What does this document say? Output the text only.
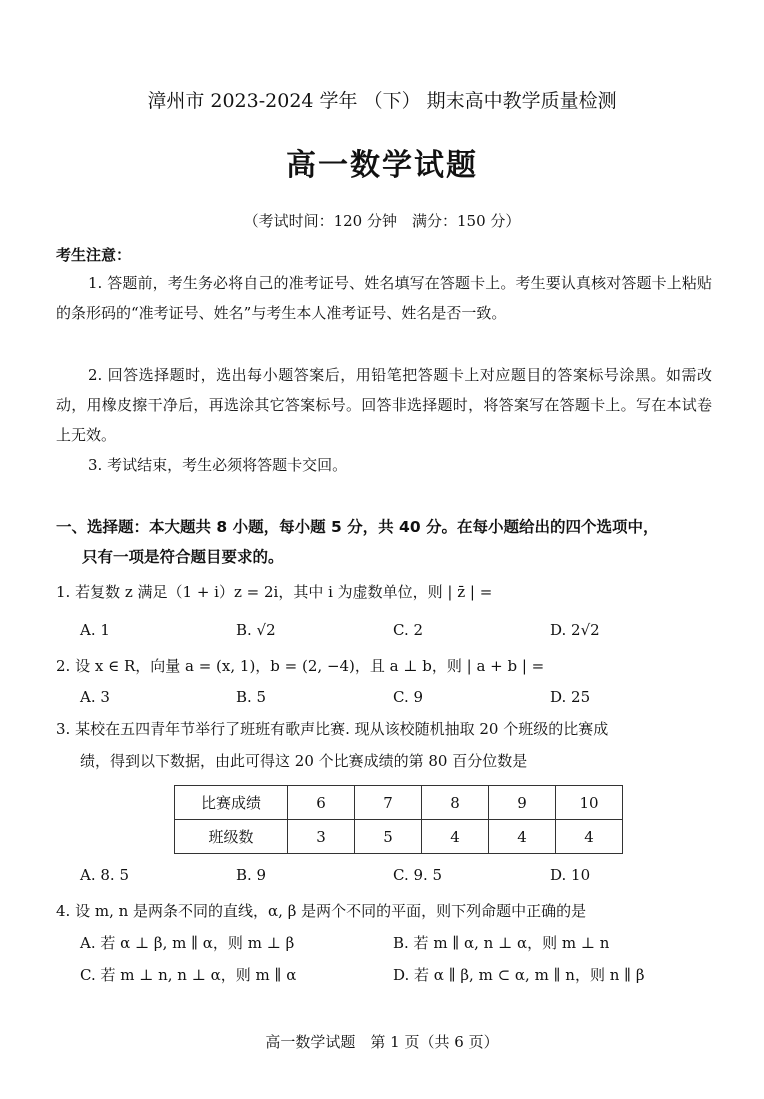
漳州市 2023-2024 学年 （下） 期末高中教学质量检测
高一数学试题
（考试时间：120 分钟　满分：150 分）
考生注意：
1. 答题前，考生务必将自己的准考证号、姓名填写在答题卡上。考生要认真核对答题卡上粘贴的条形码的“准考证号、姓名”与考生本人准考证号、姓名是否一致。
2. 回答选择题时，选出每小题答案后，用铅笔把答题卡上对应题目的答案标号涂黑。如需改动，用橡皮擦干净后，再选涂其它答案标号。回答非选择题时，将答案写在答题卡上。写在本试卷上无效。
3. 考试结束，考生必须将答题卡交回。
一、选择题：本大题共 8 小题，每小题 5 分，共 40 分。在每小题给出的四个选项中，
只有一项是符合题目要求的。
1. 若复数 z 满足（1 + i）z = 2i，其中 i 为虚数单位，则 | z̄ | =
A. 1	B. √2	C. 2	D. 2√2
2. 设 x ∈ R，向量 a = (x, 1)，b = (2, −4)，且 a ⊥ b，则 | a + b | =
A. 3	B. 5	C. 9	D. 25
3. 某校在五四青年节举行了班班有歌声比赛. 现从该校随机抽取 20 个班级的比赛成
绩，得到以下数据，由此可得这 20 个比赛成绩的第 80 百分位数是
比赛成绩	6	7	8	9	10
班级数	3	5	4	4	4
A. 8. 5	B. 9	C. 9. 5	D. 10
4. 设 m, n 是两条不同的直线，α, β 是两个不同的平面，则下列命题中正确的是
A. 若 α ⊥ β, m ∥ α，则 m ⊥ β	B. 若 m ∥ α, n ⊥ α，则 m ⊥ n
C. 若 m ⊥ n, n ⊥ α，则 m ∥ α	D. 若 α ∥ β, m ⊂ α, m ∥ n，则 n ∥ β
高一数学试题　第 1 页（共 6 页）
